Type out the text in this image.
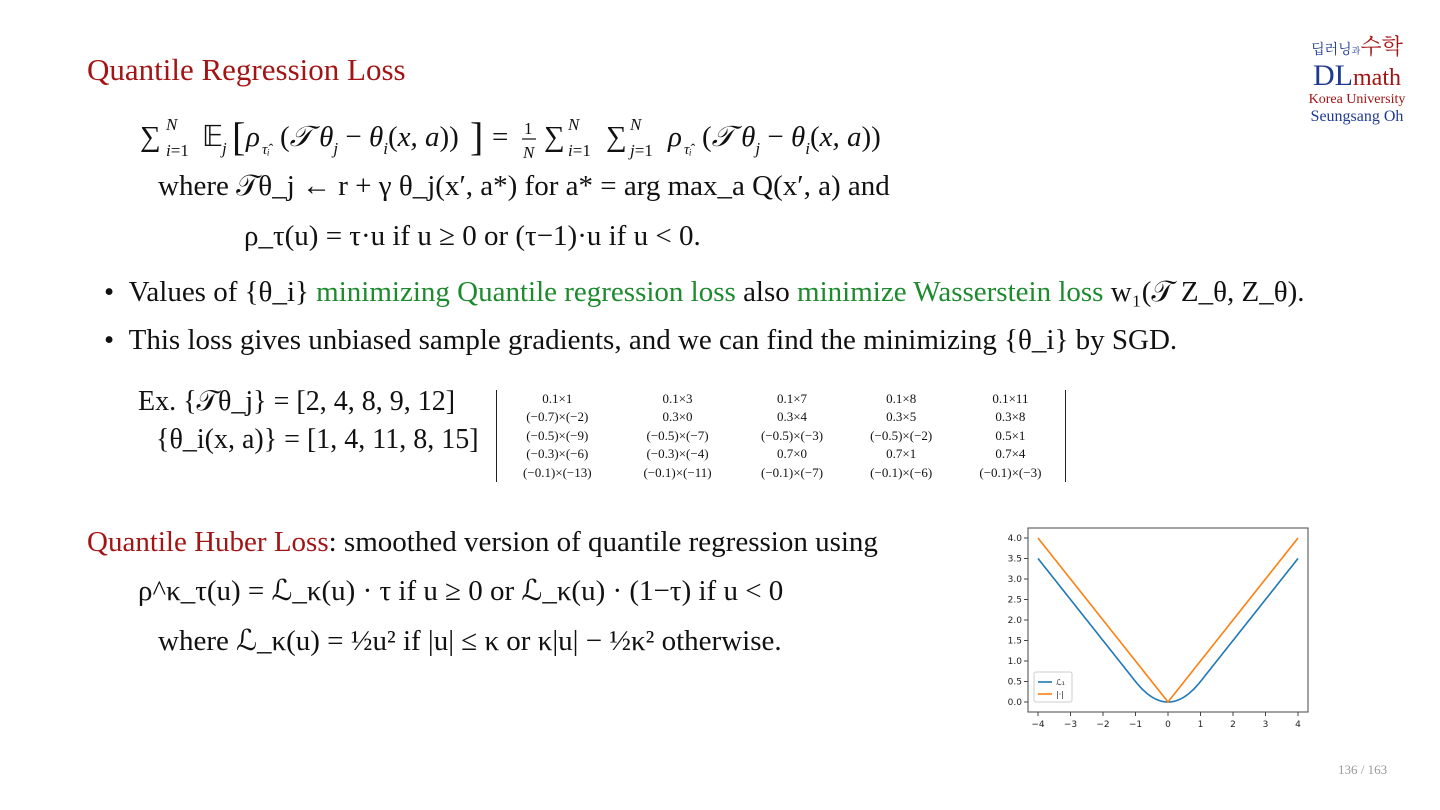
Quantile Regression Loss
딥러닝과수학
DLmath
Korea University
Seungsang Oh
∑ N
i=1 𝔼
j [ ρ τ̂ᵢ (𝒯 $\theta_j - \theta_i(x$, a)) ] = 1
N ∑ N
i=1 ∑ N
j=1 ρ τ̂ᵢ (𝒯 $\theta_j - \theta_i(x$, a))
where 𝒯θ_j ← r + γ θ_j(x′, a*) for a* = arg max_a Q(x′, a) and
ρ_τ(u) = τ·u if u ≥ 0 or (τ−1)·u if u < 0.
•  Values of {θ_i} minimizing Quantile regression loss also minimize Wasserstein loss w₁(𝒯 Z_θ, Z_θ).
•  This loss gives unbiased sample gradients, and we can find the minimizing {θ_i} by SGD.
Ex. {𝒯θ_j} = [2, 4, 8, 9, 12]
{θ_i(x, a)} = [1, 4, 11, 8, 15]
0.1×1	0.1×3	0.1×7	0.1×8	0.1×11
(−0.7)×(−2)	0.3×0	0.3×4	0.3×5	0.3×8
(−0.5)×(−9)	(−0.5)×(−7)	(−0.5)×(−3)	(−0.5)×(−2)	0.5×1
(−0.3)×(−6)	(−0.3)×(−4)	0.7×0	0.7×1	0.7×4
(−0.1)×(−13)	(−0.1)×(−11)	(−0.1)×(−7)	(−0.1)×(−6)	(−0.1)×(−3)
Quantile Huber Loss: smoothed version of quantile regression using
ρ^κ_τ(u) = ℒ_κ(u) · τ if u ≥ 0 or ℒ_κ(u) · (1−τ) if u < 0
where ℒ_κ(u) = ½u² if |u| ≤ κ or κ|u| − ½κ² otherwise.
−4 −3 −2 −1	0	1	2	3	4
0.0
0.5
1.0
1.5
2.0
2.5
3.0
3.5
4.0
ℒ₁
|·|
136 / 163
